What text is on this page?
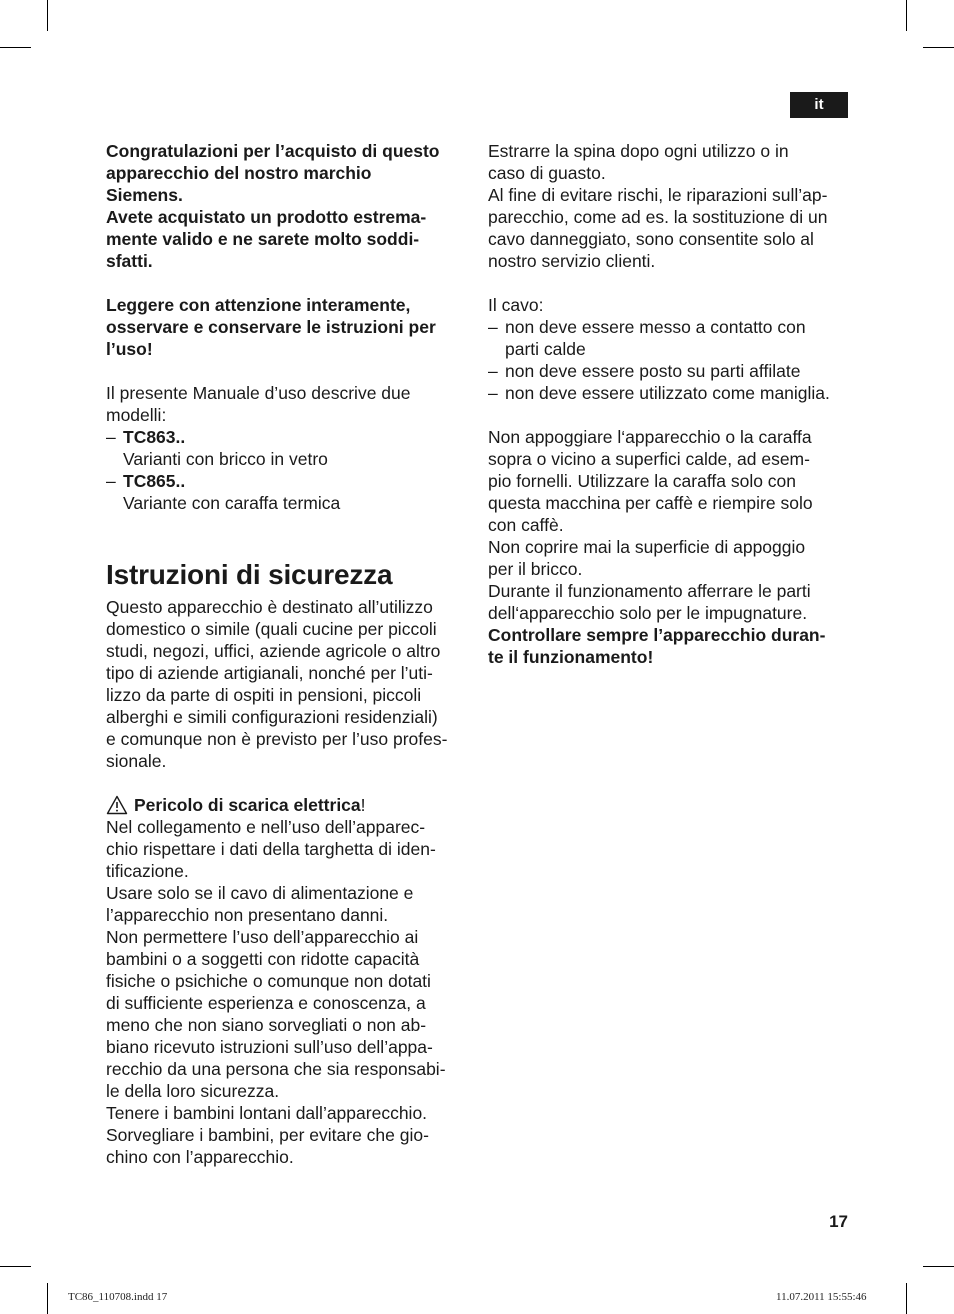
it
Congratulazioni per l’acquisto di questo
apparecchio del nostro marchio
Siemens.
Avete acquistato un prodotto estrema-
mente valido e ne sarete molto soddi-
sfatti.
Leggere con attenzione interamente,
osservare e conservare le istruzioni per
l’uso!
Il presente Manuale d’uso descrive due
modelli:
– TC863..
Varianti con bricco in vetro
– TC865..
Variante con caraffa termica
Istruzioni di sicurezza
Questo apparecchio è destinato all’utilizzo
domestico o simile (quali cucine per piccoli
studi, negozi, uffici, aziende agricole o altro
tipo di aziende artigianali, nonché per l’uti-
lizzo da parte di ospiti in pensioni, piccoli
alberghi e simili configurazioni residenziali)
e comunque non è previsto per l’uso profes-
sionale.
Pericolo di scarica elettrica !
Nel collegamento e nell’uso dell’apparec-
chio rispettare i dati della targhetta di iden-
tificazione.
Usare solo se il cavo di alimentazione e
l’apparecchio non presentano danni.
Non permettere l’uso dell’apparecchio ai
bambini o a soggetti con ridotte capacità
fisiche o psichiche o comunque non dotati
di sufficiente esperienza e conoscenza, a
meno che non siano sorvegliati o non ab-
biano ricevuto istruzioni sull’uso dell’appa-
recchio da una persona che sia responsabi-
le della loro sicurezza.
Tenere i bambini lontani dall’apparecchio.
Sorvegliare i bambini, per evitare che gio-
chino con l’apparecchio.
Estrarre la spina dopo ogni utilizzo o in
caso di guasto.
Al fine di evitare rischi, le riparazioni sull’ap-
parecchio, come ad es. la sostituzione di un
cavo danneggiato, sono consentite solo al
nostro servizio clienti.
Il cavo:
– non deve essere messo a contatto con
parti calde
– non deve essere posto su parti affilate
– non deve essere utilizzato come maniglia.
Non appoggiare l‘apparecchio o la caraffa
sopra o vicino a superfici calde, ad esem-
pio fornelli. Utilizzare la caraffa solo con
questa macchina per caffè e riempire solo
con caffè.
Non coprire mai la superficie di appoggio
per il bricco.
Durante il funzionamento afferrare le parti
dell‘apparecchio solo per le impugnature.
Controllare sempre l’apparecchio duran-
te il funzionamento!
17
TC86_110708.indd 17	11.07.2011 15:55:46
